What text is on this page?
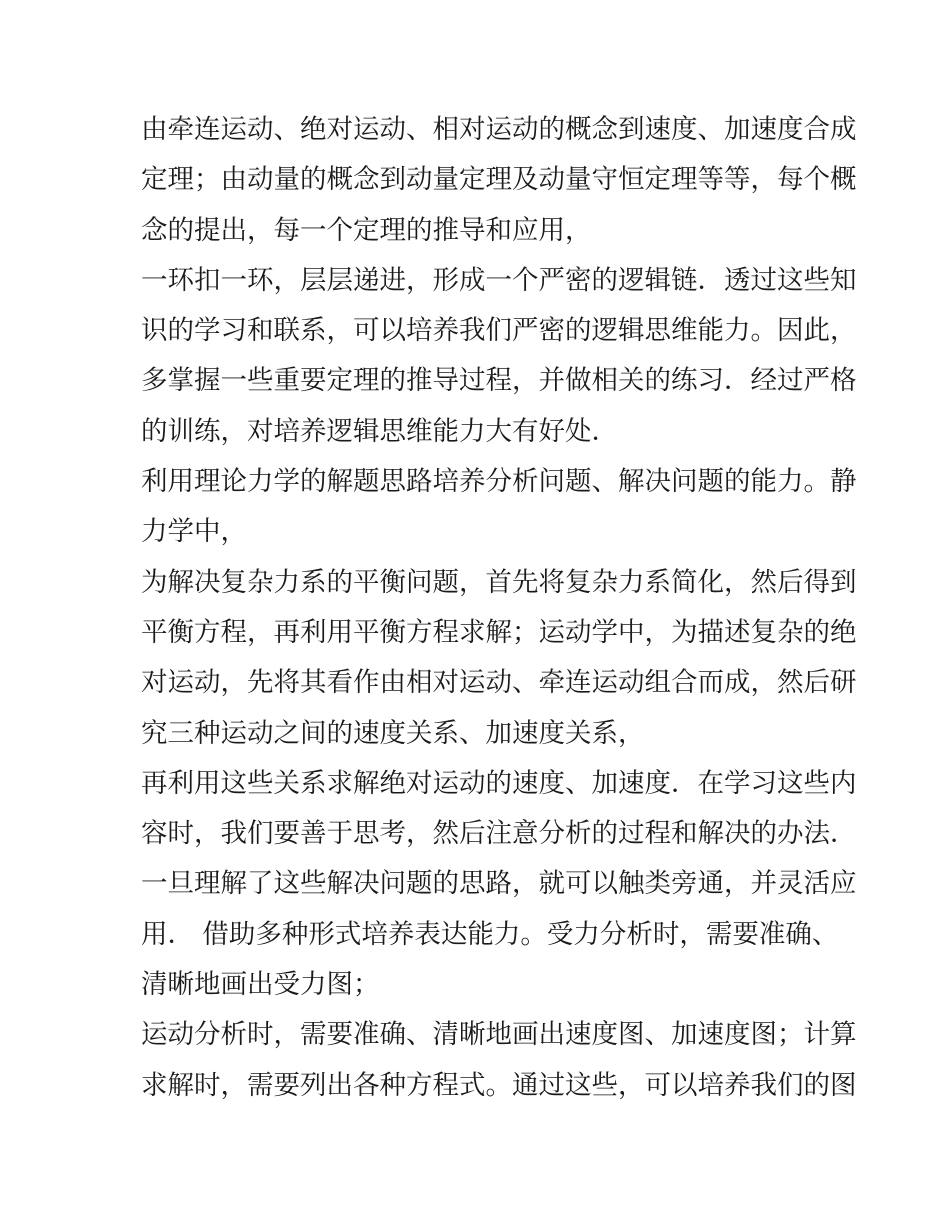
由牵连运动、绝对运动、相对运动的概念到速度、加速度合成
定理；由动量的概念到动量定理及动量守恒定理等等，每个概
念的提出，每一个定理的推导和应用，
一环扣一环，层层递进，形成一个严密的逻辑链．透过这些知
识的学习和联系，可以培养我们严密的逻辑思维能力。因此，
多掌握一些重要定理的推导过程，并做相关的练习．经过严格
的训练，对培养逻辑思维能力大有好处．
利用理论力学的解题思路培养分析问题、解决问题的能力。静
力学中，
为解决复杂力系的平衡问题，首先将复杂力系简化，然后得到
平衡方程，再利用平衡方程求解；运动学中，为描述复杂的绝
对运动，先将其看作由相对运动、牵连运动组合而成，然后研
究三种运动之间的速度关系、加速度关系，
再利用这些关系求解绝对运动的速度、加速度．在学习这些内
容时，我们要善于思考，然后注意分析的过程和解决的办法．
一旦理解了这些解决问题的思路，就可以触类旁通，并灵活应
用． 借助多种形式培养表达能力。受力分析时，需要准确、
清晰地画出受力图；
运动分析时，需要准确、清晰地画出速度图、加速度图；计算
求解时，需要列出各种方程式。通过这些，可以培养我们的图
